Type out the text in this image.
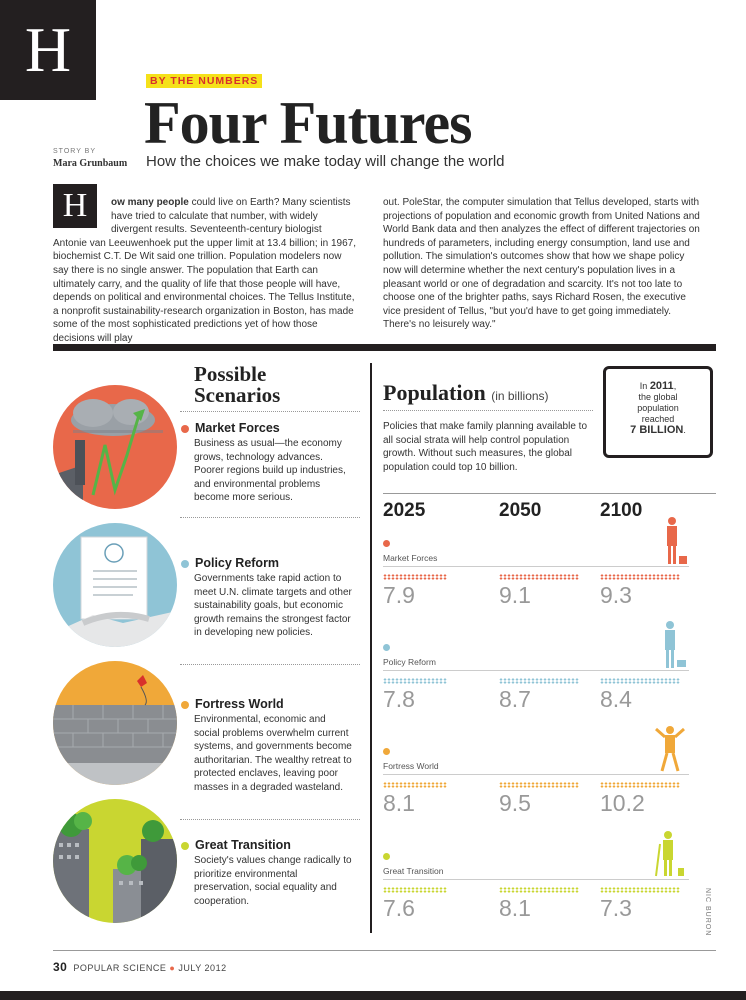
H	BY THE NUMBERS
Four Futures
How the choices we make today will change the world
STORY BY
Mara Grunbaum
H	ow many people could live on Earth? Many scientists
have tried to calculate that number, with widely
divergent results. Seventeenth-century biologist
Antonie van Leeuwenhoek put the upper limit at 13.4 billion; in 1967, biochemist C.T. De Wit said one trillion. Population modelers now say there is no single answer. The population that Earth can ultimately carry, and the quality of life that those people will have, depends on political and environmental choices. The Tellus Institute, a nonprofit sustainability-research organization in Boston, has made some of the most sophisticated predictions yet of how those decisions will play
out. PoleStar, the computer simulation that Tellus developed, starts with projections of population and economic growth from United Nations and World Bank data and then analyzes the effect of different trajectories on hundreds of parameters, including energy consumption, land use and pollution. The simulation's outcomes show that how we shape policy now will determine whether the next century's population lives in a pleasant world or one of degradation and scarcity. It's not too late to choose one of the brighter paths, says Richard Rosen, the executive vice president of Tellus, "but you'd have to get going immediately. There's no leisurely way."
Possible
Scenarios
Market Forces
Business as usual—the economy grows, technology advances. Poorer regions build up industries, and environmental problems become more serious.
Policy Reform
Governments take rapid action to meet U.N. climate targets and other sustainability goals, but economic growth remains the strongest factor in developing new policies.
Fortress World
Environmental, economic and social problems overwhelm current systems, and governments become authoritarian. The wealthy retreat to protected enclaves, leaving poor masses in a degraded wasteland.
Great Transition
Society's values change radically to prioritize environmental preservation, social equality and cooperation.
Population (in billions)
Policies that make family planning available to all social strata will help control population growth. Without such measures, the global population could top 10 billion.
In 2011,
the global population reached
7 BILLION.
2025	2050	2100
Market Forces
7.9	9.1	9.3
Policy Reform
7.8	8.7	8.4
Fortress World
8.1	9.5	10.2
Great Transition
7.6	8.1	7.3	NIC BURON
30 POPULAR SCIENCE ● JULY 2012
